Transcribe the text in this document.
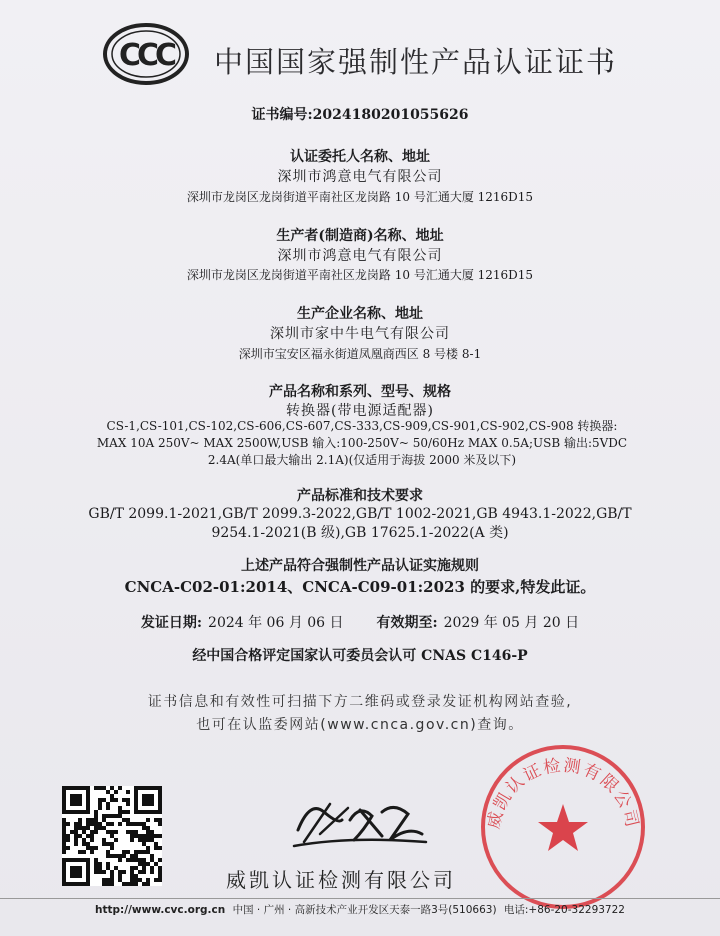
CCC 中国国家强制性产品认证证书
证书编号:2024180201055626
认证委托人名称、地址
深圳市鸿意电气有限公司
深圳市龙岗区龙岗街道平南社区龙岗路 10 号汇通大厦 1216D15
生产者(制造商)名称、地址
深圳市鸿意电气有限公司
深圳市龙岗区龙岗街道平南社区龙岗路 10 号汇通大厦 1216D15
生产企业名称、地址
深圳市家中牛电气有限公司
深圳市宝安区福永街道凤凰商西区 8 号楼 8-1
产品名称和系列、型号、规格
转换器(带电源适配器)
CS-1,CS-101,CS-102,CS-606,CS-607,CS-333,CS-909,CS-901,CS-902,CS-908 转换器:
MAX 10A 250V~ MAX 2500W,USB 输入:100-250V~ 50/60Hz MAX 0.5A;USB 输出:5VDC
2.4A(单口最大输出 2.1A)(仅适用于海拔 2000 米及以下)
产品标准和技术要求
GB/T 2099.1-2021,GB/T 2099.3-2022,GB/T 1002-2021,GB 4943.1-2022,GB/T
9254.1-2021(B 级),GB 17625.1-2022(A 类)
上述产品符合强制性产品认证实施规则
CNCA-C02-01:2014、CNCA-C09-01:2023 的要求,特发此证。
发证日期: 2024 年 06 月 06 日 有效期至: 2029 年 05 月 20 日
经中国合格评定国家认可委员会认可 CNAS C146-P
证书信息和有效性可扫描下方二维码或登录发证机构网站查验,
也可在认监委网站(www.cnca.gov.cn)查询。
威凯认证检测有限公司
威凯认证检测有限公司
http://www.cvc.org.cn 中国 · 广州 · 高新技术产业开发区天泰一路3号(510663) 电话:+86-20-32293722
